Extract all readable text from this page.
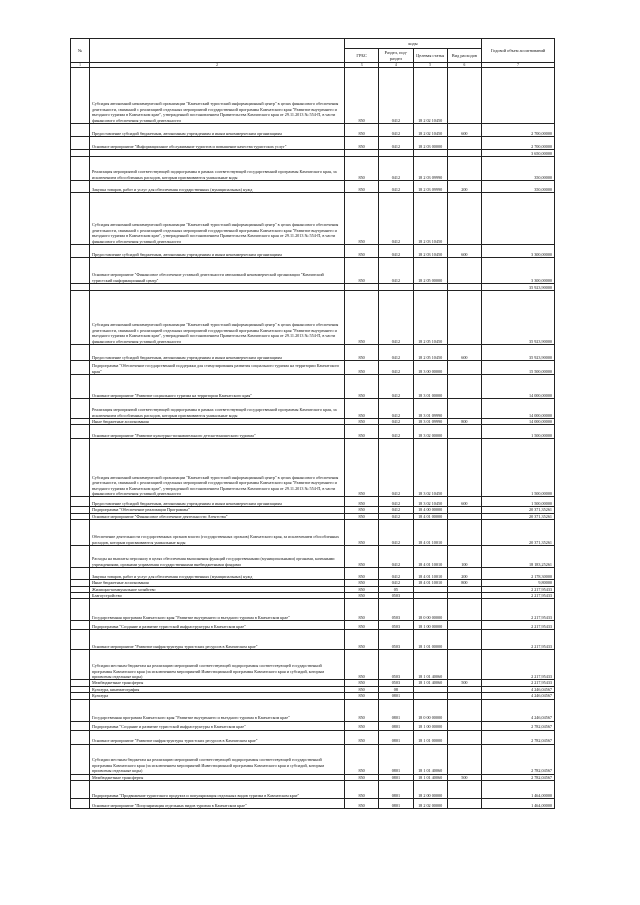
№		коды				Годовой объем ассигнований
		ГРБС	Раздел, под-раздел	Целевая статья	Вид расходов	
1	2	3	4	5	6	7
	Субсидия автономной некоммерческой организации "Камчатский туристский информационный центр" в целях финансового обеспечения деятельности, связанной с реализацией отдельных мероприятий государственной программы Камчатского края "Развитие внутреннего и въездного туризма в Камчатском крае", утвержденной постановлением Правительства Камчатского края от 29.11.2013 № 554-П, в части финансового обеспечения уставной деятельности	850	0412	18 2 02 10450		
	Предоставление субсидий бюджетным, автономным учреждениям и иным некоммерческим организациям	850	0412	18 2 02 10450	600	2 700,00000
	Основное мероприятие "Информационное обслуживание туристов и повышение качества туристских услуг"	850	0412	18 2 03 00000		2 700,00000
						3 650,00000
	Реализация мероприятий соответствующей подпрограммы в рамках соответствующей государственной программы Камчатского края, за исключением обособленных расходов, которым присваиваются уникальные коды	850	0412	18 2 03 09990		350,00000
	Закупка товаров, работ и услуг для обеспечения государственных (муниципальных) нужд	850	0412	18 2 03 09990	200	350,00000
	Субсидия автономной некоммерческой организации "Камчатский туристский информационный центр" в целях финансового обеспечения деятельности, связанной с реализацией отдельных мероприятий государственной программы Камчатского края "Развитие внутреннего и въездного туризма в Камчатском крае", утвержденной постановлением Правительства Камчатского края от 29.11.2013 № 554-П, в части финансового обеспечения уставной деятельности	850	0412	18 2 03 10450		
	Предоставление субсидий бюджетным, автономным учреждениям и иным некоммерческим организациям	850	0412	18 2 03 10450	600	3 300,00000
	Основное мероприятие "Финансовое обеспечение уставной деятельности автономной некоммерческой организации "Камчатский туристский информационный центр"	850	0412	18 2 05 00000		3 300,00000
						35 923,90000
	Субсидия автономной некоммерческой организации "Камчатский туристский информационный центр" в целях финансового обеспечения деятельности, связанной с реализацией отдельных мероприятий государственной программы Камчатского края "Развитие внутреннего и въездного туризма в Камчатском крае", утвержденной постановлением Правительства Камчатского края от 29.11.2013 № 554-П, в части финансового обеспечения уставной деятельности	850	0412	18 2 05 10450		35 923,90000
	Предоставление субсидий бюджетным, автономным учреждениям и иным некоммерческим организациям	850	0412	18 2 05 10450	600	35 923,90000
	Подпрограмма "Обеспечение государственной поддержки для стимулирования развития социального туризма на территории Камчатского края"	850	0412	18 3 00 00000		15 500,00000
	Основное мероприятие "Развитие социального туризма на территории Камчатского края"	850	0412	18 3 01 00000		14 000,00000
	Реализация мероприятий соответствующей подпрограммы в рамках соответствующей государственной программы Камчатского края, за исключением обособленных расходов, которым присваиваются уникальные коды	850	0412	18 3 01 09990		14 000,00000
	Иные бюджетные ассигнования	850	0412	18 3 01 09990	800	14 000,00000
	Основное мероприятие "Развитие культурно-познавательного детско-юношеского туризма"	850	0412	18 3 02 00000		1 500,00000
	Субсидия автономной некоммерческой организации "Камчатский туристский информационный центр" в целях финансового обеспечения деятельности, связанной с реализацией отдельных мероприятий государственной программы Камчатского края "Развитие внутреннего и въездного туризма в Камчатском крае", утвержденной постановлением Правительства Камчатского края от 29.11.2013 № 554-П, в части финансового обеспечения уставной деятельности	850	0412	18 3 02 10450		1 500,00000
	Предоставление субсидий бюджетным, автономным учреждениям и иным некоммерческим организациям	850	0412	18 3 02 10450	600	1 500,00000
	Подпрограмма "Обеспечение реализации Программы"	850	0412	18 4 00 00000		20 371,35261
	Основное мероприятие "Финансовое обеспечение деятельности Агентства"	850	0412	18 4 01 00000		20 371,35261
	Обеспечение деятельности государственных органов власти (государственных органов) Камчатского края, за исключением обособленных расходов, которым присваиваются уникальные коды	850	0412	18 4 01 10010		20 371,35261
	Расходы на выплаты персоналу в целях обеспечения выполнения функций государственными (муниципальными) органами, казенными учреждениями, органами управления государственными внебюджетными фондами	850	0412	18 4 01 10010	100	18 183,25261
	Закупка товаров, работ и услуг для обеспечения государственных (муниципальных) нужд	850	0412	18 4 01 10010	200	2 178,30000
	Иные бюджетные ассигнования	850	0412	18 4 01 10010	800	9,80000
	Жилищно-коммунальное хозяйство	850	05			2 217,95433
	Благоустройство	850	0503			2 217,95433
	Государственная программа Камчатского края "Развитие внутреннего и въездного туризма в Камчатском крае"	850	0503	18 0 00 00000		2 217,95433
	Подпрограмма "Создание и развитие туристской инфраструктуры в Камчатском крае"	850	0503	18 1 00 00000		2 217,95433
	Основное мероприятие "Развитие инфраструктуры туристских ресурсов в Камчатском крае"	850	0503	18 1 01 00000		2 217,95433
	Субсидии местным бюджетам на реализацию мероприятий соответствующей подпрограммы соответствующей государственной программы Камчатского края (за исключением мероприятий Инвестиционной программы Камчатского края и субсидий, которым присвоены отдельные коды)	850	0503	18 1 01 40060		2 217,95433
	Межбюджетные трансферты	850	0503	18 1 01 40060	500	2 217,95433
	Культура, кинематография	850	08			4 246,04567
	Культура	850	0801			4 246,04567
	Государственная программа Камчатского края "Развитие внутреннего и въездного туризма в Камчатском крае"	850	0801	18 0 00 00000		4 246,04567
	Подпрограмма "Создание и развитие туристской инфраструктуры в Камчатском крае"	850	0801	18 1 00 00000		2 782,04567
	Основное мероприятие "Развитие инфраструктуры туристских ресурсов в Камчатском крае"	850	0801	18 1 01 00000		2 782,04567
	Субсидии местным бюджетам на реализацию мероприятий соответствующей подпрограммы соответствующей государственной программы Камчатского края (за исключением мероприятий Инвестиционной программы Камчатского края и субсидий, которым присвоены отдельные коды)	850	0801	18 1 01 40060		2 782,04567
	Межбюджетные трансферты	850	0801	18 1 01 40060	500	2 782,04567
	Подпрограмма "Продвижение туристского продукта и популяризация отдельных видов туризма в Камчатском крае"	850	0801	18 2 00 00000		1 464,00000
	Основное мероприятие "Популяризация отдельных видов туризма в Камчатском крае"	850	0801	18 2 02 00000		1 464,00000
